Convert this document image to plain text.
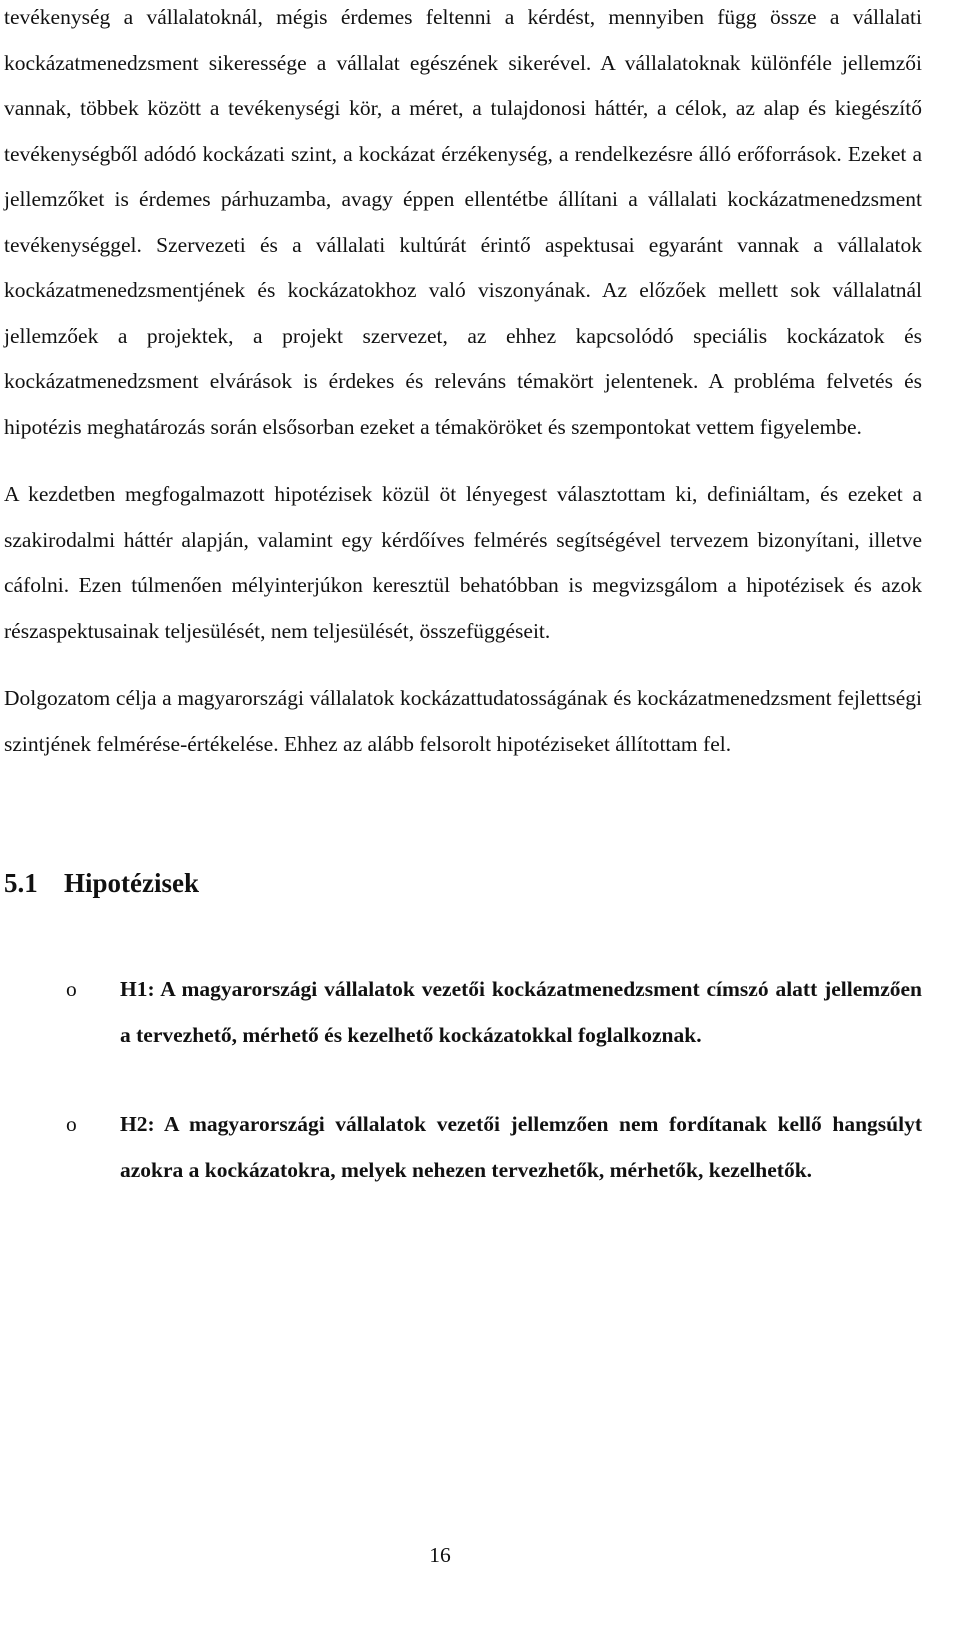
tevékenység a vállalatoknál, mégis érdemes feltenni a kérdést, mennyiben függ össze a vállalati kockázatmenedzsment sikeressége a vállalat egészének sikerével. A vállalatoknak különféle jellemzői vannak, többek között a tevékenységi kör, a méret, a tulajdonosi háttér, a célok, az alap és kiegészítő tevékenységből adódó kockázati szint, a kockázat érzékenység, a rendelkezésre álló erőforrások. Ezeket a jellemzőket is érdemes párhuzamba, avagy éppen ellentétbe állítani a vállalati kockázatmenedzsment tevékenységgel. Szervezeti és a vállalati kultúrát érintő aspektusai egyaránt vannak a vállalatok kockázatmenedzsmentjének és kockázatokhoz való viszonyának. Az előzőek mellett sok vállalatnál jellemzőek a projektek, a projekt szervezet, az ehhez kapcsolódó speciális kockázatok és kockázatmenedzsment elvárások is érdekes és releváns témakört jelentenek. A probléma felvetés és hipotézis meghatározás során elsősorban ezeket a témaköröket és szempontokat vettem figyelembe.

A kezdetben megfogalmazott hipotézisek közül öt lényegest választottam ki, definiáltam, és ezeket a szakirodalmi háttér alapján, valamint egy kérdőíves felmérés segítségével tervezem bizonyítani, illetve cáfolni. Ezen túlmenően mélyinterjúkon keresztül behatóbban is megvizsgálom a hipotézisek és azok részaspektusainak teljesülését, nem teljesülését, összefüggéseit.

Dolgozatom célja a magyarországi vállalatok kockázattudatosságának és kockázatmenedzsment fejlettségi szintjének felmérése-értékelése. Ehhez az alább felsorolt hipotéziseket állítottam fel.

5.1 Hipotézisek
o H1: A magyarországi vállalatok vezetői kockázatmenedzsment címszó alatt jellemzően a tervezhető, mérhető és kezelhető kockázatokkal foglalkoznak.
o H2: A magyarországi vállalatok vezetői jellemzően nem fordítanak kellő hangsúlyt azokra a kockázatokra, melyek nehezen tervezhetők, mérhetők, kezelhetők.
16
